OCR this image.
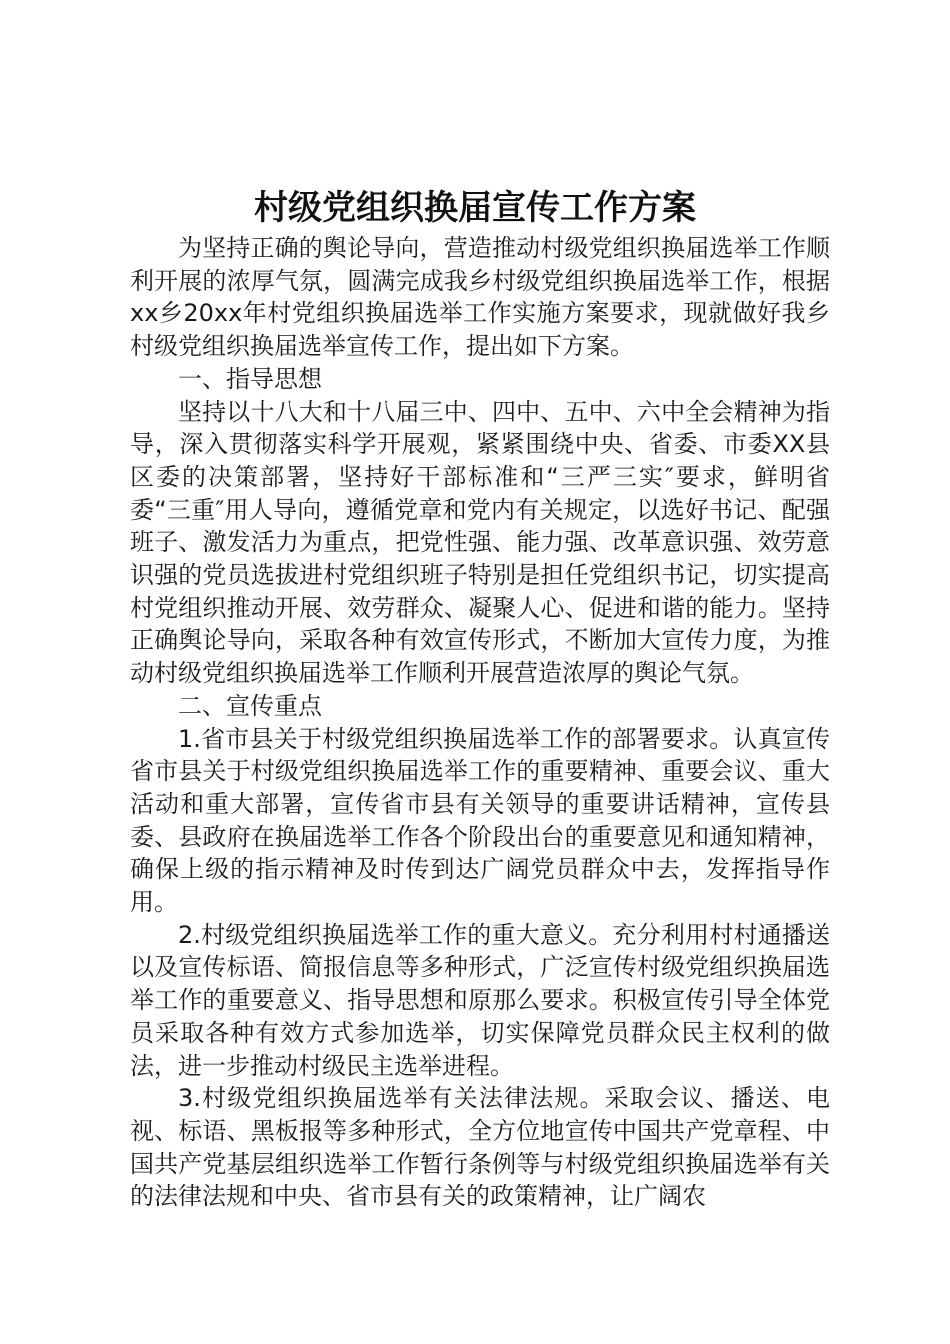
村级党组织换届宣传工作方案

为坚持正确的舆论导向，营造推动村级党组织换届选举工作顺利开展的浓厚气氛，圆满完成我乡村级党组织换届选举工作，根据xx乡20xx年村党组织换届选举工作实施方案要求，现就做好我乡村级党组织换届选举宣传工作，提出如下方案。

一、指导思想

坚持以十八大和十八届三中、四中、五中、六中全会精神为指导，深入贯彻落实科学开展观，紧紧围绕中央、省委、市委XX县区委的决策部署，坚持好干部标准和“三严三实″要求，鲜明省委“三重″用人导向，遵循党章和党内有关规定，以选好书记、配强班子、激发活力为重点，把党性强、能力强、改革意识强、效劳意识强的党员选拔进村党组织班子特别是担任党组织书记，切实提高村党组织推动开展、效劳群众、凝聚人心、促进和谐的能力。坚持正确舆论导向，采取各种有效宣传形式，不断加大宣传力度，为推动村级党组织换届选举工作顺利开展营造浓厚的舆论气氛。

二、宣传重点

1.省市县关于村级党组织换届选举工作的部署要求。认真宣传省市县关于村级党组织换届选举工作的重要精神、重要会议、重大活动和重大部署，宣传省市县有关领导的重要讲话精神，宣传县委、县政府在换届选举工作各个阶段出台的重要意见和通知精神，确保上级的指示精神及时传到达广阔党员群众中去，发挥指导作用。

2.村级党组织换届选举工作的重大意义。充分利用村村通播送以及宣传标语、简报信息等多种形式，广泛宣传村级党组织换届选举工作的重要意义、指导思想和原那么要求。积极宣传引导全体党员采取各种有效方式参加选举，切实保障党员群众民主权利的做法，进一步推动村级民主选举进程。

3.村级党组织换届选举有关法律法规。采取会议、播送、电视、标语、黑板报等多种形式，全方位地宣传中国共产党章程、中国共产党基层组织选举工作暂行条例等与村级党组织换届选举有关的法律法规和中央、省市县有关的政策精神，让广阔农
